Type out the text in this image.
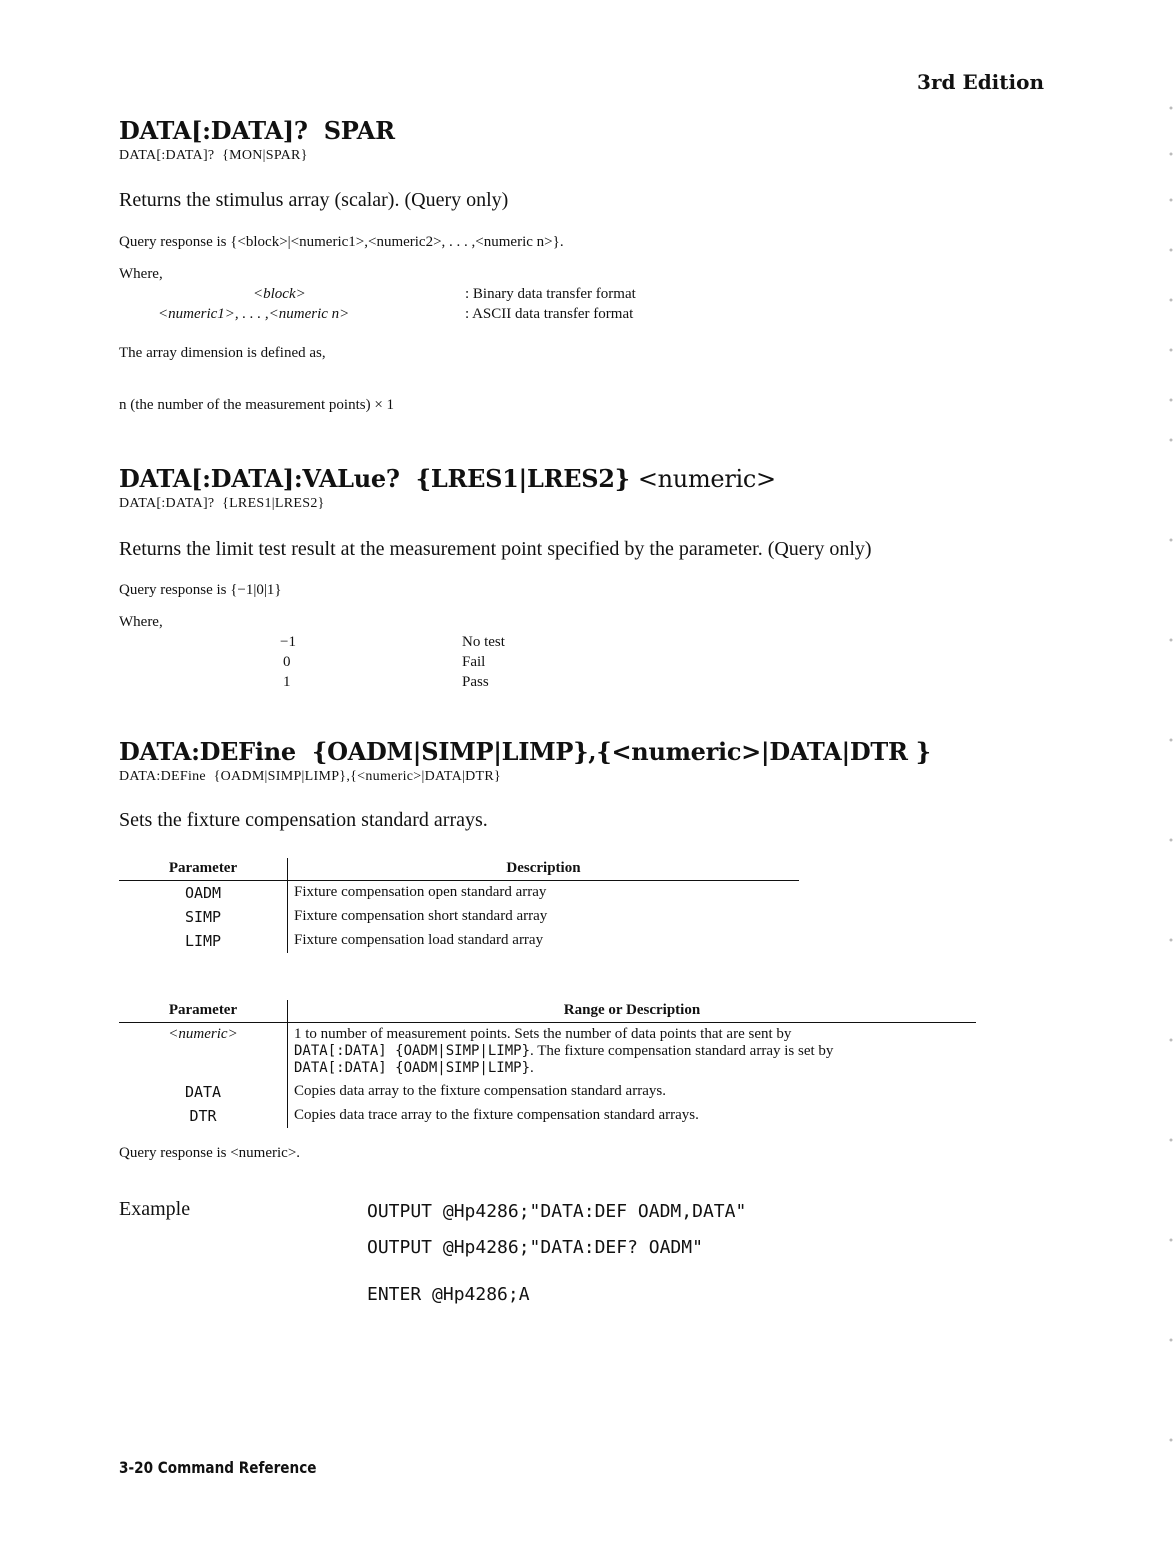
3rd Edition
DATA[:DATA]? SPAR
DATA[:DATA]? {MON|SPAR}
Returns the stimulus array (scalar). (Query only)
Query response is {<block>|<numeric1>,<numeric2>, . . . ,<numeric n>}.
Where,
<block>	: Binary data transfer format
<numeric1>, . . . ,<numeric n>	: ASCII data transfer format
The array dimension is defined as,
n (the number of the measurement points) × 1
DATA[:DATA]:VALue? {LRES1|LRES2} <numeric>
DATA[:DATA]? {LRES1|LRES2}
Returns the limit test result at the measurement point specified by the parameter. (Query only)
Query response is {−1|0|1}
Where,
−1	No test
0	Fail
1	Pass
DATA:DEFine {OADM|SIMP|LIMP},{<numeric>|DATA|DTR }
DATA:DEFine {OADM|SIMP|LIMP},{<numeric>|DATA|DTR}
Sets the fixture compensation standard arrays.
Parameter	Description
OADM	Fixture compensation open standard array
SIMP	Fixture compensation short standard array
LIMP	Fixture compensation load standard array
Parameter	Range or Description
<numeric>	1 to number of measurement points. Sets the number of data points that are sent by
DATA[:DATA] {OADM|SIMP|LIMP}. The fixture compensation standard array is set by
DATA[:DATA] {OADM|SIMP|LIMP}.

DATA	Copies data array to the fixture compensation standard arrays.
DTR	Copies data trace array to the fixture compensation standard arrays.
Query response is <numeric>.
Example	OUTPUT @Hp4286;"DATA:DEF OADM,DATA"
OUTPUT @Hp4286;"DATA:DEF? OADM"
ENTER @Hp4286;A
3-20 Command Reference
